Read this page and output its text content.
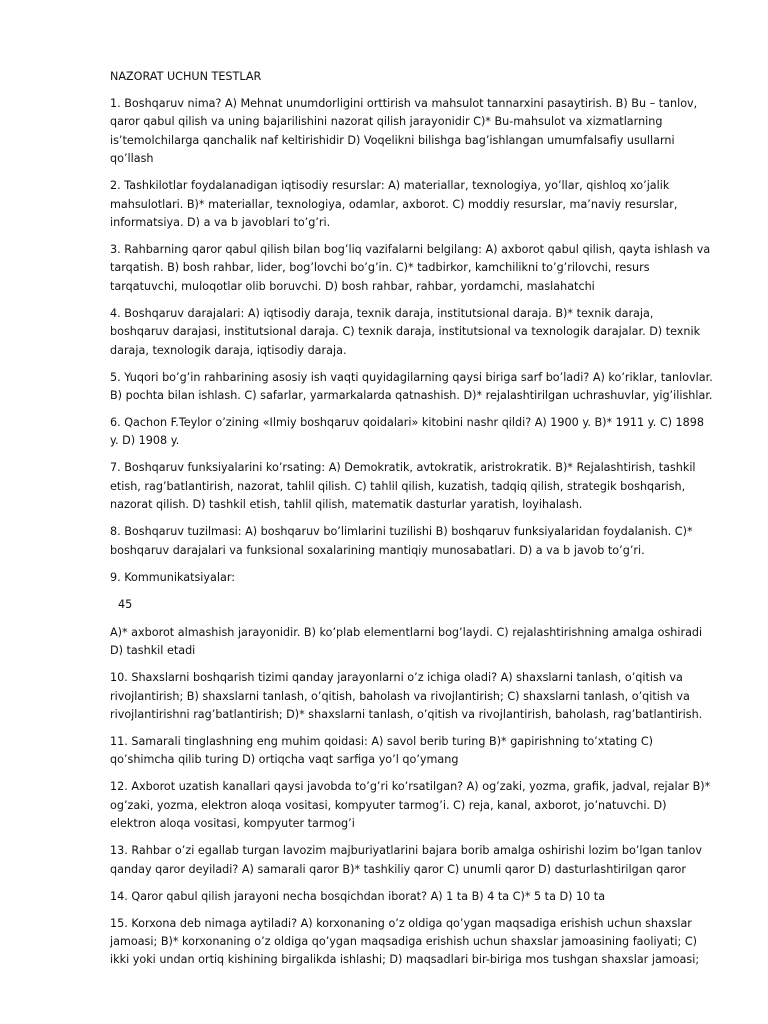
NAZORAT UCHUN TESTLAR

1. Boshqaruv nima? A) Mehnat unumdorligini orttirish va mahsulot tannarxini pasaytirish. B) Bu – tanlov, qaror qabul qilish va uning bajarilishini nazorat qilish jarayonidir C)* Bu-mahsulot va xizmatlarning is’temolchilarga qanchalik naf keltirishidir D) Voqelikni bilishga bag’ishlangan umumfalsafiy usullarni qo’llash

2. Tashkilotlar foydalanadigan iqtisodiy resurslar: A) materiallar, texnologiya, yo’llar, qishloq xo’jalik mahsulotlari. B)* materiallar, texnologiya, odamlar, axborot. C) moddiy resurslar, ma’naviy resurslar, informatsiya. D) a va b javoblari to’g’ri.

3. Rahbarning qaror qabul qilish bilan bog’liq vazifalarni belgilang: A) axborot qabul qilish, qayta ishlash va tarqatish. B) bosh rahbar, lider, bog’lovchi bo’g’in. C)* tadbirkor, kamchilikni to’g’rilovchi, resurs tarqatuvchi, muloqotlar olib boruvchi. D) bosh rahbar, rahbar, yordamchi, maslahatchi

4. Boshqaruv darajalari: A) iqtisodiy daraja, texnik daraja, institutsional daraja. B)* texnik daraja, boshqaruv darajasi, institutsional daraja. C) texnik daraja, institutsional va texnologik darajalar. D) texnik daraja, texnologik daraja, iqtisodiy daraja.

5. Yuqori bo’g’in rahbarining asosiy ish vaqti quyidagilarning qaysi biriga sarf bo’ladi? A) ko’riklar, tanlovlar. B) pochta bilan ishlash. C) safarlar, yarmarkalarda qatnashish. D)* rejalashtirilgan uchrashuvlar, yig’ilishlar.

6. Qachon F.Teylor o’zining «Ilmiy boshqaruv qoidalari» kitobini nashr qildi? A) 1900 y. B)* 1911 y. C) 1898 y. D) 1908 y.

7. Boshqaruv funksiyalarini ko’rsating: A) Demokratik, avtokratik, aristrokratik. B)* Rejalashtirish, tashkil etish, rag’batlantirish, nazorat, tahlil qilish. C) tahlil qilish, kuzatish, tadqiq qilish, strategik boshqarish, nazorat qilish. D) tashkil etish, tahlil qilish, matematik dasturlar yaratish, loyihalash.

8. Boshqaruv tuzilmasi: A) boshqaruv bo’limlarini tuzilishi B) boshqaruv funksiyalaridan foydalanish. C)* boshqaruv darajalari va funksional soxalarining mantiqiy munosabatlari. D) a va b javob to’g’ri.

9. Kommunikatsiyalar:

45

A)* axborot almashish jarayonidir. B) ko’plab elementlarni bog’laydi. C) rejalashtirishning amalga oshiradi D) tashkil etadi

10. Shaxslarni boshqarish tizimi qanday jarayonlarni o’z ichiga oladi? A) shaxslarni tanlash, o’qitish va rivojlantirish; B) shaxslarni tanlash, o’qitish, baholash va rivojlantirish; C) shaxslarni tanlash, o’qitish va rivojlantirishni rag’batlantirish; D)* shaxslarni tanlash, o’qitish va rivojlantirish, baholash, rag’batlantirish.

11. Samarali tinglashning eng muhim qoidasi: A) savol berib turing B)* gapirishning to’xtating C) qo’shimcha qilib turing D) ortiqcha vaqt sarfiga yo’l qo’ymang

12. Axborot uzatish kanallari qaysi javobda to’g’ri ko’rsatilgan? A) og’zaki, yozma, grafik, jadval, rejalar B)* og’zaki, yozma, elektron aloqa vositasi, kompyuter tarmog’i. C) reja, kanal, axborot, jo’natuvchi. D) elektron aloqa vositasi, kompyuter tarmog’i

13. Rahbar o’zi egallab turgan lavozim majburiyatlarini bajara borib amalga oshirishi lozim bo’lgan tanlov qanday qaror deyiladi? A) samarali qaror B)* tashkiliy qaror C) unumli qaror D) dasturlashtirilgan qaror

14. Qaror qabul qilish jarayoni necha bosqichdan iborat? A) 1 ta B) 4 ta C)* 5 ta D) 10 ta

15. Korxona deb nimaga aytiladi? A) korxonaning o’z oldiga qo’ygan maqsadiga erishish uchun shaxslar jamoasi; B)* korxonaning o’z oldiga qo’ygan maqsadiga erishish uchun shaxslar jamoasining faoliyati; C) ikki yoki undan ortiq kishining birgalikda ishlashi; D) maqsadlari bir-biriga mos tushgan shaxslar jamoasi;
